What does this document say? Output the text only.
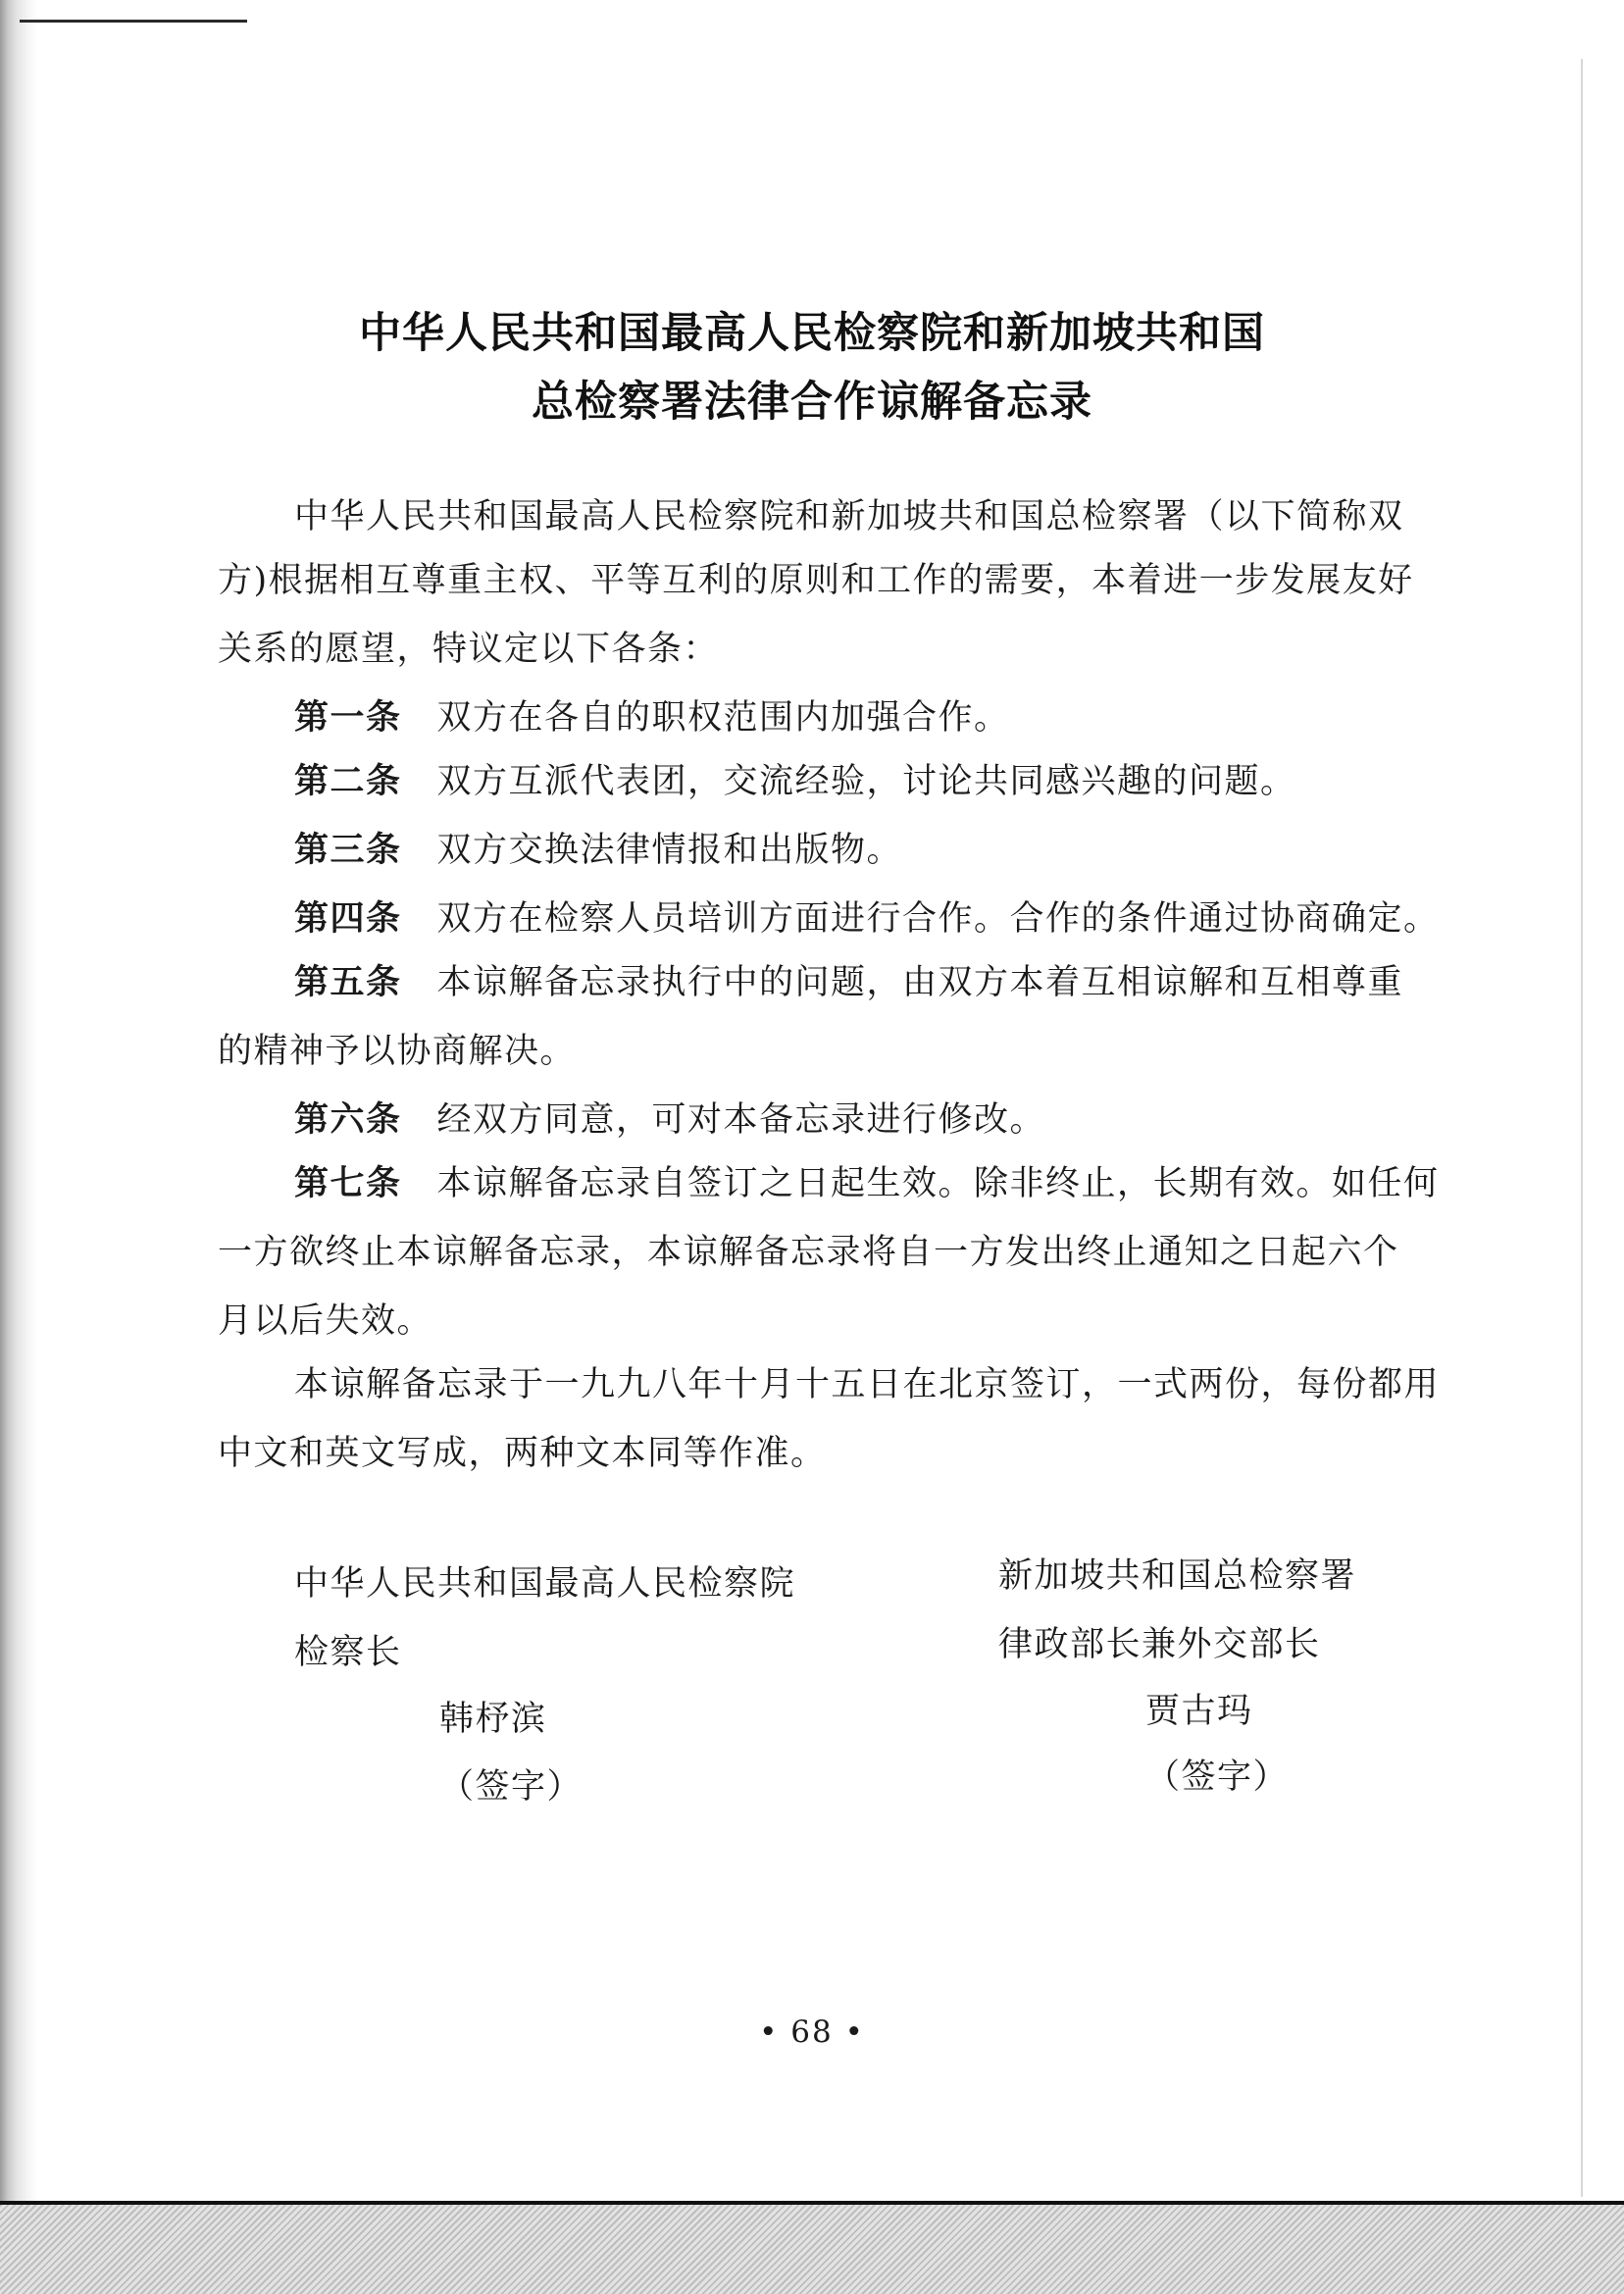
中华人民共和国最高人民检察院和新加坡共和国
总检察署法律合作谅解备忘录
中华人民共和国最高人民检察院和新加坡共和国总检察署（以下简称双
方)根据相互尊重主权、平等互利的原则和工作的需要，本着进一步发展友好
关系的愿望，特议定以下各条：
第一条 双方在各自的职权范围内加强合作。
第二条 双方互派代表团，交流经验，讨论共同感兴趣的问题。
第三条 双方交换法律情报和出版物。
第四条 双方在检察人员培训方面进行合作。合作的条件通过协商确定。
第五条 本谅解备忘录执行中的问题，由双方本着互相谅解和互相尊重
的精神予以协商解决。
第六条 经双方同意，可对本备忘录进行修改。
第七条 本谅解备忘录自签订之日起生效。除非终止，长期有效。如任何
一方欲终止本谅解备忘录，本谅解备忘录将自一方发出终止通知之日起六个
月以后失效。
本谅解备忘录于一九九八年十月十五日在北京签订，一式两份，每份都用
中文和英文写成，两种文本同等作准。
中华人民共和国最高人民检察院
检察长
韩杼滨
（签字）
新加坡共和国总检察署
律政部长兼外交部长
贾古玛
（签字）
• 68 •
